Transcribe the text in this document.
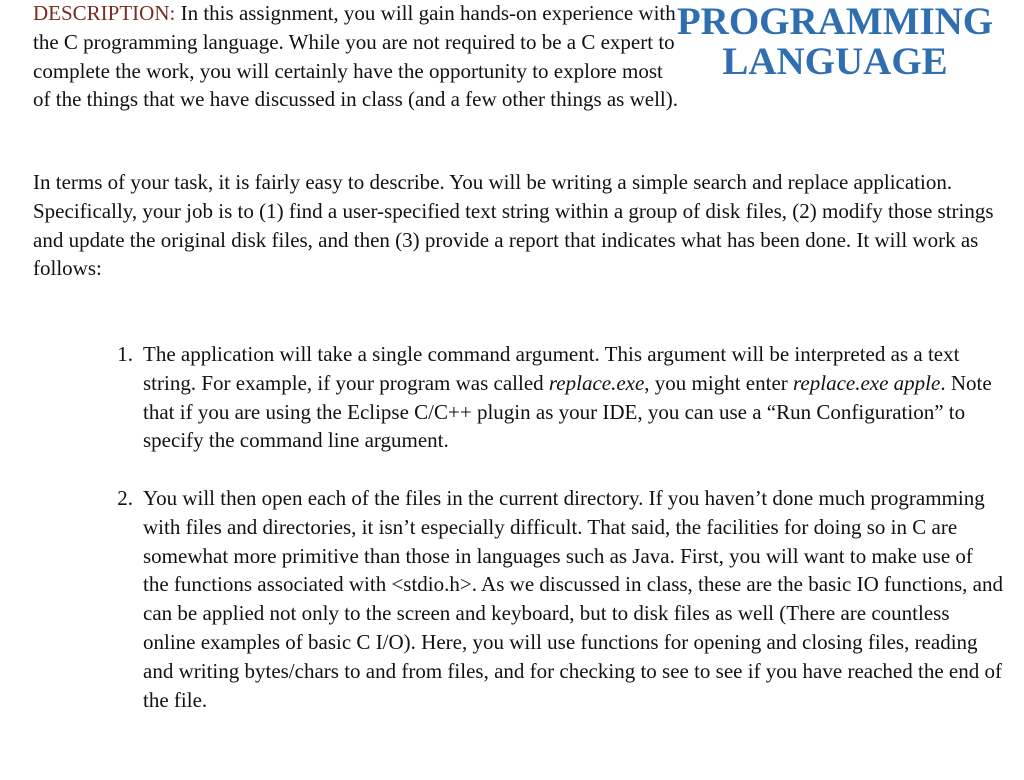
DESCRIPTION: In this assignment, you will gain hands-on experience with the C programming language. While you are not required to be a C expert to complete the work, you will certainly have the opportunity to explore most of the things that we have discussed in class (and a few other things as well).
PROGRAMMING
LANGUAGE
In terms of your task, it is fairly easy to describe. You will be writing a simple search and replace application. Specifically, your job is to (1) find a user-specified text string within a group of disk files, (2) modify those strings and update the original disk files, and then (3) provide a report that indicates what has been done. It will work as follows:
1. The application will take a single command argument. This argument will be interpreted as a text string. For example, if your program was called replace.exe, you might enter replace.exe apple. Note that if you are using the Eclipse C/C++ plugin as your IDE, you can use a “Run Configuration” to specify the command line argument.
2. You will then open each of the files in the current directory. If you haven’t done much programming with files and directories, it isn’t especially difficult. That said, the facilities for doing so in C are somewhat more primitive than those in languages such as Java. First, you will want to make use of the functions associated with <stdio.h>. As we discussed in class, these are the basic IO functions, and can be applied not only to the screen and keyboard, but to disk files as well (There are countless online examples of basic C I/O). Here, you will use functions for opening and closing files, reading and writing bytes/chars to and from files, and for checking to see to see if you have reached the end of the file.
